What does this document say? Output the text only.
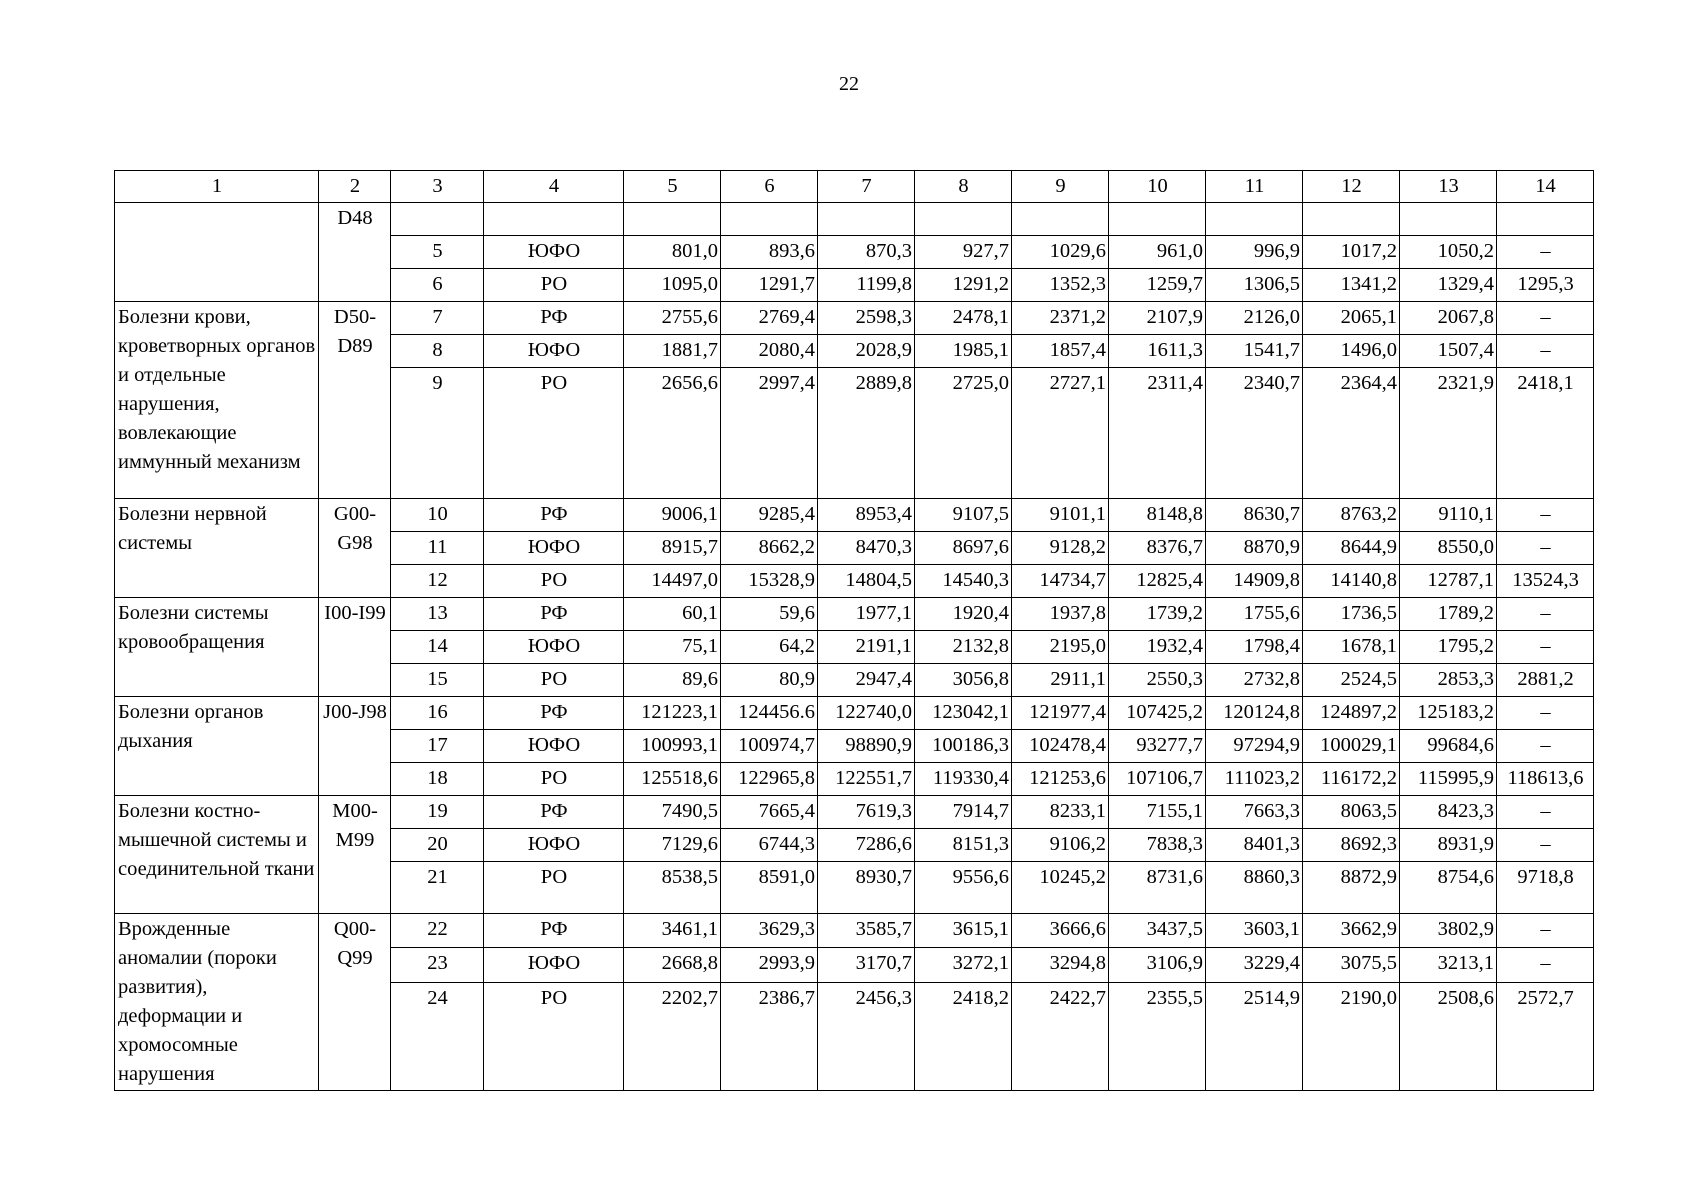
22
1	2	3	4	5	6	7	8	9	10	11	12	13	14
	D48												
		5	ЮФО	801,0	893,6	870,3	927,7	1029,6	961,0	996,9	1017,2	1050,2	–
		6	РО	1095,0	1291,7	1199,8	1291,2	1352,3	1259,7	1306,5	1341,2	1329,4	1295,3
Болезни крови, кроветворных органов и отдельные нарушения, вовлекающие иммунный механизм	D50-D89	7	РФ	2755,6	2769,4	2598,3	2478,1	2371,2	2107,9	2126,0	2065,1	2067,8	–
		8	ЮФО	1881,7	2080,4	2028,9	1985,1	1857,4	1611,3	1541,7	1496,0	1507,4	–
		9	РО	2656,6	2997,4	2889,8	2725,0	2727,1	2311,4	2340,7	2364,4	2321,9	2418,1
Болезни нервной системы	G00-G98	10	РФ	9006,1	9285,4	8953,4	9107,5	9101,1	8148,8	8630,7	8763,2	9110,1	–
		11	ЮФО	8915,7	8662,2	8470,3	8697,6	9128,2	8376,7	8870,9	8644,9	8550,0	–
		12	РО	14497,0	15328,9	14804,5	14540,3	14734,7	12825,4	14909,8	14140,8	12787,1	13524,3
Болезни системы кровообращения	I00-I99	13	РФ	60,1	59,6	1977,1	1920,4	1937,8	1739,2	1755,6	1736,5	1789,2	–
		14	ЮФО	75,1	64,2	2191,1	2132,8	2195,0	1932,4	1798,4	1678,1	1795,2	–
		15	РО	89,6	80,9	2947,4	3056,8	2911,1	2550,3	2732,8	2524,5	2853,3	2881,2
Болезни органов дыхания	J00-J98	16	РФ	121223,1	124456.6	122740,0	123042,1	121977,4	107425,2	120124,8	124897,2	125183,2	–
		17	ЮФО	100993,1	100974,7	98890,9	100186,3	102478,4	93277,7	97294,9	100029,1	99684,6	–
		18	РО	125518,6	122965,8	122551,7	119330,4	121253,6	107106,7	111023,2	116172,2	115995,9	118613,6
Болезни костно-мышечной системы и соединительной ткани	M00-M99	19	РФ	7490,5	7665,4	7619,3	7914,7	8233,1	7155,1	7663,3	8063,5	8423,3	–
		20	ЮФО	7129,6	6744,3	7286,6	8151,3	9106,2	7838,3	8401,3	8692,3	8931,9	–
		21	РО	8538,5	8591,0	8930,7	9556,6	10245,2	8731,6	8860,3	8872,9	8754,6	9718,8
Врожденные аномалии (пороки развития), деформации и хромосомные нарушения	Q00-Q99	22	РФ	3461,1	3629,3	3585,7	3615,1	3666,6	3437,5	3603,1	3662,9	3802,9	–
		23	ЮФО	2668,8	2993,9	3170,7	3272,1	3294,8	3106,9	3229,4	3075,5	3213,1	–
		24	РО	2202,7	2386,7	2456,3	2418,2	2422,7	2355,5	2514,9	2190,0	2508,6	2572,7
